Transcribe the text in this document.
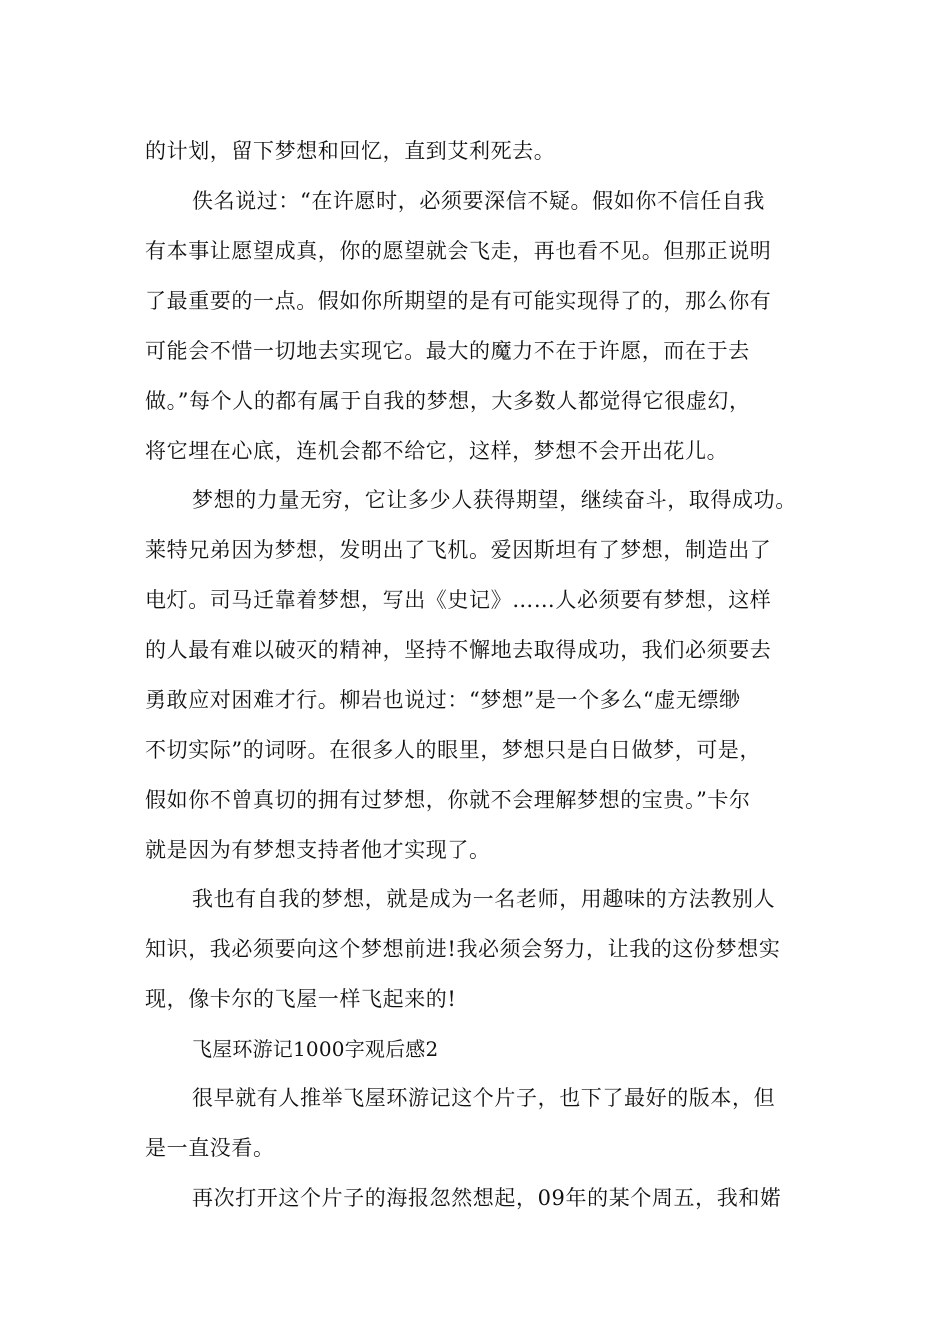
的计划，留下梦想和回忆，直到艾利死去。
佚名说过：“在许愿时，必须要深信不疑。假如你不信任自我
有本事让愿望成真，你的愿望就会飞走，再也看不见。但那正说明
了最重要的一点。假如你所期望的是有可能实现得了的，那么你有
可能会不惜一切地去实现它。最大的魔力不在于许愿，而在于去
做。”每个人的都有属于自我的梦想，大多数人都觉得它很虚幻，
将它埋在心底，连机会都不给它，这样，梦想不会开出花儿。
梦想的力量无穷，它让多少人获得期望，继续奋斗，取得成功。
莱特兄弟因为梦想，发明出了飞机。爱因斯坦有了梦想，制造出了
电灯。司马迁靠着梦想，写出《史记》……人必须要有梦想，这样
的人最有难以破灭的精神，坚持不懈地去取得成功，我们必须要去
勇敢应对困难才行。柳岩也说过：“梦想”是一个多么“虚无缥缈
不切实际”的词呀。在很多人的眼里，梦想只是白日做梦，可是，
假如你不曾真切的拥有过梦想，你就不会理解梦想的宝贵。”卡尔
就是因为有梦想支持者他才实现了。
我也有自我的梦想，就是成为一名老师，用趣味的方法教别人
知识，我必须要向这个梦想前进!我必须会努力，让我的这份梦想实
现，像卡尔的飞屋一样飞起来的!
飞屋环游记1000字观后感2
很早就有人推举飞屋环游记这个片子，也下了最好的版本，但
是一直没看。
再次打开这个片子的海报忽然想起，09年的某个周五，我和婼
